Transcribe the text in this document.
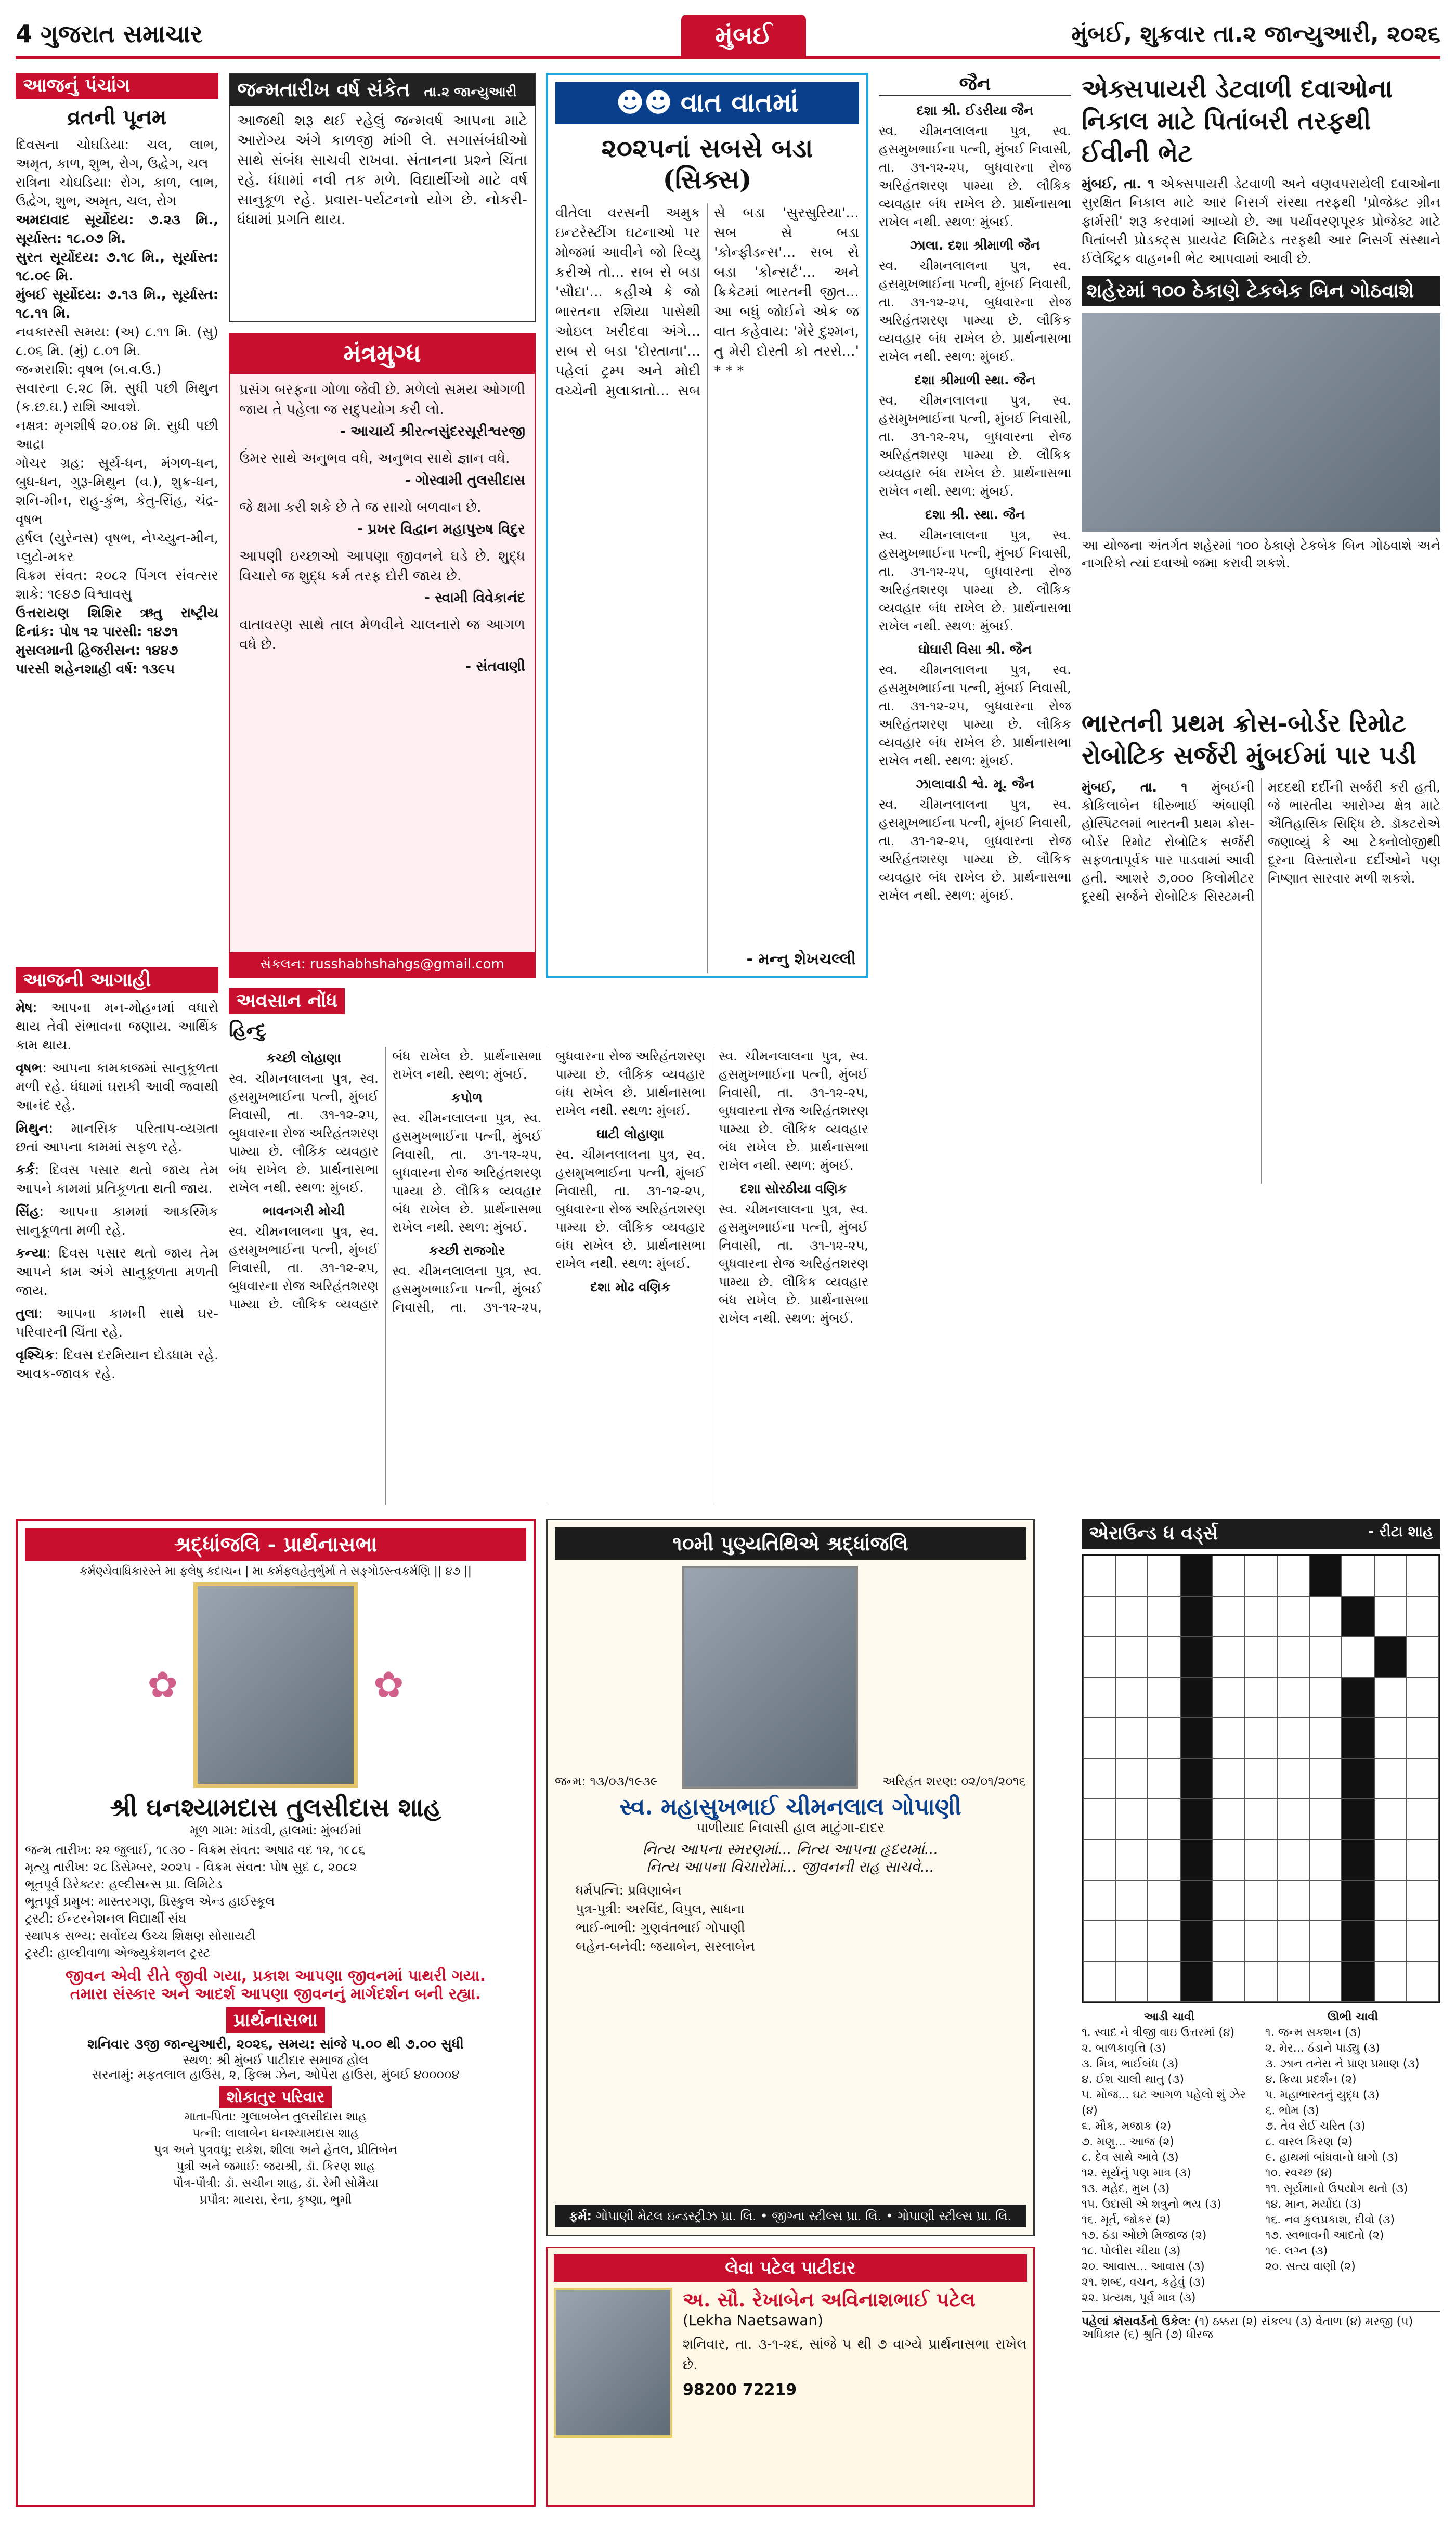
4 ગુજરાત સમાચાર	મુંબઈ	મુંબઈ, શુક્રવાર તા.૨ જાન્યુઆરી, ૨૦૨૬
આજનું પંચાંગ
વ્રતની પૂનમ
દિવસના ચોઘડિયા: ચલ, લાભ, અમૃત, કાળ, શુભ, રોગ, ઉદ્વેગ, ચલ
રાત્રિના ચોઘડિયા: રોગ, કાળ, લાભ, ઉદ્વેગ, શુભ, અમૃત, ચલ, રોગ
અમદાવાદ સૂર્યોદય: ૭.૨૩ મિ., સૂર્યાસ્ત: ૧૮.૦૭ મિ.
સુરત સૂર્યોદય: ૭.૧૮ મિ., સૂર્યાસ્ત: ૧૮.૦૯ મિ.
મુંબઈ સૂર્યોદય: ૭.૧૩ મિ., સૂર્યાસ્ત: ૧૮.૧૧ મિ.
નવકારસી સમય: (અ) ૮.૧૧ મિ. (સુ) ૮.૦૬ મિ. (મું) ૮.૦૧ મિ.
જન્મરાશિ: વૃષભ (બ.વ.ઉ.)
સવારના ૯.૨૮ મિ. સુધી પછી મિથુન (ક.છ.ઘ.) રાશિ આવશે.
નક્ષત્ર: મૃગશીર્ષ ૨૦.૦૪ મિ. સુધી પછી આદ્રા
ગોચર ગ્રહ: સૂર્ય-ધન, મંગળ-ધન, બુધ-ધન, ગુરૂ-મિથુન (વ.), શુક્ર-ધન, શનિ-મીન, રાહુ-કુંભ, કેતુ-સિંહ, ચંદ્ર-વૃષભ
હર્ષલ (યુરેનસ) વૃષભ, નેપ્ચ્યુન-મીન, પ્લુટો-મકર
વિક્રમ સંવત: ૨૦૮૨ પિંગલ સંવત્સર શાકે: ૧૯૪૭ વિશ્વાવસુ
ઉત્તરાયણ શિશિર ઋતુ રાષ્ટ્રીય દિનાંક: પોષ ૧૨ પારસી: ૧૪૭૧
મુસલમાની હિજરીસન: ૧૪૪૭
પારસી શહેનશાહી વર્ષ: ૧૩૯૫
આજની આગાહી

મેષ: આપના મન-મોહનમાં વધારો થાય તેવી સંભાવના જણાય. આર્થિક કામ થાય.

વૃષભ: આપના કામકાજમાં સાનુકૂળતા મળી રહે. ધંધામાં ઘરાકી આવી જવાથી આનંદ રહે.

મિથુન: માનસિક પરિતાપ-વ્યગ્રતા છતાં આપના કામમાં સફળ રહે.

કર્ક: દિવસ પસાર થતો જાય તેમ આપને કામમાં પ્રતિકૂળતા થતી જાય.

સિંહ: આપના કામમાં આકસ્મિક સાનુકૂળતા મળી રહે.

કન્યા: દિવસ પસાર થતો જાય તેમ આપને કામ અંગે સાનુકૂળતા મળતી જાય.

તુલા: આપના કામની સાથે ઘર-પરિવારની ચિંતા રહે.

વૃશ્ચિક: દિવસ દરમિયાન દોડધામ રહે. આવક-જાવક રહે.

જન્મતારીખ વર્ષ સંકેત તા.૨ જાન્યુઆરી
આજથી શરૂ થઈ રહેલું જન્મવર્ષ આપના માટે આરોગ્ય અંગે કાળજી માંગી લે. સગાસંબંધીઓ સાથે સંબંધ સાચવી રાખવા. સંતાનના પ્રશ્ને ચિંતા રહે. ધંધામાં નવી તક મળે. વિદ્યાર્થીઓ માટે વર્ષ સાનુકૂળ રહે. પ્રવાસ-પર્યટનનો યોગ છે. નોકરી-ધંધામાં પ્રગતિ થાય.
મંત્રમુગ્ધ

પ્રસંગ બરફના ગોળા જેવી છે. મળેલો સમય ઓગળી જાય તે પહેલા જ સદુપયોગ કરી લો.

- આચાર્ય શ્રીરત્નસુંદરસૂરીશ્વરજી

ઉંમર સાથે અનુભવ વધે, અનુભવ સાથે જ્ઞાન વધે.

- ગોસ્વામી તુલસીદાસ

જે ક્ષમા કરી શકે છે તે જ સાચો બળવાન છે.

- પ્રખર વિદ્વાન મહાપુરુષ વિદુર

આપણી ઇચ્છાઓ આપણા જીવનને ઘડે છે. શુદ્ધ વિચારો જ શુદ્ધ કર્મ તરફ દોરી જાય છે.

- સ્વામી વિવેકાનંદ

વાતાવરણ સાથે તાલ મેળવીને ચાલનારો જ આગળ વધે છે.

- સંતવાણી

સંકલન: russhabhshahgs@gmail.com
☻☻ વાત વાતમાં
૨૦૨૫નાં સબસે બડા (સિક્સ)
વીતેલા વરસની અમુક ઇન્ટરેસ્ટીંગ ઘટનાઓ પર મોજમાં આવીને જો રિવ્યુ કરીએ તો... સબ સે બડા 'સૌદા'... કહીએ કે જો ભારતના રશિયા પાસેથી ઓઇલ ખરીદવા અંગે... સબ સે બડા 'દોસ્તાના'... પહેલાં ટ્રમ્પ અને મોદી વચ્ચેની મુલાકાતો... સબ સે બડા 'સુરસુરિયા'... સબ સે બડા 'કોન્ફીડન્સ'... સબ સે બડા 'કોન્સર્ટ'... અને ક્રિકેટમાં ભારતની જીત... આ બધું જોઈને એક જ વાત કહેવાય: 'મેરે દુશ્મન, તુ મેરી દોસ્તી કો તરસે...' * * *
- મન્નુ શેખચલ્લી
અવસાન નોંધ
હિન્દુ

કચ્છી લોહાણા

સ્વ. ચીમનલાલના પુત્ર, સ્વ. હસમુખભાઈના પત્ની, મુંબઈ નિવાસી, તા. ૩૧-૧૨-૨૫, બુધવારના રોજ અરિહંતશરણ પામ્યા છે. લૌકિક વ્યવહાર બંધ રાખેલ છે. પ્રાર્થનાસભા રાખેલ નથી. સ્થળ: મુંબઈ.

ભાવનગરી મોચી

સ્વ. ચીમનલાલના પુત્ર, સ્વ. હસમુખભાઈના પત્ની, મુંબઈ નિવાસી, તા. ૩૧-૧૨-૨૫, બુધવારના રોજ અરિહંતશરણ પામ્યા છે. લૌકિક વ્યવહાર બંધ રાખેલ છે. પ્રાર્થનાસભા રાખેલ નથી. સ્થળ: મુંબઈ.

કપોળ

સ્વ. ચીમનલાલના પુત્ર, સ્વ. હસમુખભાઈના પત્ની, મુંબઈ નિવાસી, તા. ૩૧-૧૨-૨૫, બુધવારના રોજ અરિહંતશરણ પામ્યા છે. લૌકિક વ્યવહાર બંધ રાખેલ છે. પ્રાર્થનાસભા રાખેલ નથી. સ્થળ: મુંબઈ.

કચ્છી રાજગોર

સ્વ. ચીમનલાલના પુત્ર, સ્વ. હસમુખભાઈના પત્ની, મુંબઈ નિવાસી, તા. ૩૧-૧૨-૨૫, બુધવારના રોજ અરિહંતશરણ પામ્યા છે. લૌકિક વ્યવહાર બંધ રાખેલ છે. પ્રાર્થનાસભા રાખેલ નથી. સ્થળ: મુંબઈ.

ઘાટી લોહાણા

સ્વ. ચીમનલાલના પુત્ર, સ્વ. હસમુખભાઈના પત્ની, મુંબઈ નિવાસી, તા. ૩૧-૧૨-૨૫, બુધવારના રોજ અરિહંતશરણ પામ્યા છે. લૌકિક વ્યવહાર બંધ રાખેલ છે. પ્રાર્થનાસભા રાખેલ નથી. સ્થળ: મુંબઈ.

દશા મોઢ વણિક

સ્વ. ચીમનલાલના પુત્ર, સ્વ. હસમુખભાઈના પત્ની, મુંબઈ નિવાસી, તા. ૩૧-૧૨-૨૫, બુધવારના રોજ અરિહંતશરણ પામ્યા છે. લૌકિક વ્યવહાર બંધ રાખેલ છે. પ્રાર્થનાસભા રાખેલ નથી. સ્થળ: મુંબઈ.

દશા સોરઠીયા વણિક

સ્વ. ચીમનલાલના પુત્ર, સ્વ. હસમુખભાઈના પત્ની, મુંબઈ નિવાસી, તા. ૩૧-૧૨-૨૫, બુધવારના રોજ અરિહંતશરણ પામ્યા છે. લૌકિક વ્યવહાર બંધ રાખેલ છે. પ્રાર્થનાસભા રાખેલ નથી. સ્થળ: મુંબઈ.

જૈન

દશા શ્રી. ઈડરીયા જૈન

સ્વ. ચીમનલાલના પુત્ર, સ્વ. હસમુખભાઈના પત્ની, મુંબઈ નિવાસી, તા. ૩૧-૧૨-૨૫, બુધવારના રોજ અરિહંતશરણ પામ્યા છે. લૌકિક વ્યવહાર બંધ રાખેલ છે. પ્રાર્થનાસભા રાખેલ નથી. સ્થળ: મુંબઈ.

ઝાલા. દશા શ્રીમાળી જૈન

સ્વ. ચીમનલાલના પુત્ર, સ્વ. હસમુખભાઈના પત્ની, મુંબઈ નિવાસી, તા. ૩૧-૧૨-૨૫, બુધવારના રોજ અરિહંતશરણ પામ્યા છે. લૌકિક વ્યવહાર બંધ રાખેલ છે. પ્રાર્થનાસભા રાખેલ નથી. સ્થળ: મુંબઈ.

દશા શ્રીમાળી સ્થા. જૈન

સ્વ. ચીમનલાલના પુત્ર, સ્વ. હસમુખભાઈના પત્ની, મુંબઈ નિવાસી, તા. ૩૧-૧૨-૨૫, બુધવારના રોજ અરિહંતશરણ પામ્યા છે. લૌકિક વ્યવહાર બંધ રાખેલ છે. પ્રાર્થનાસભા રાખેલ નથી. સ્થળ: મુંબઈ.

દશા શ્રી. સ્થા. જૈન

સ્વ. ચીમનલાલના પુત્ર, સ્વ. હસમુખભાઈના પત્ની, મુંબઈ નિવાસી, તા. ૩૧-૧૨-૨૫, બુધવારના રોજ અરિહંતશરણ પામ્યા છે. લૌકિક વ્યવહાર બંધ રાખેલ છે. પ્રાર્થનાસભા રાખેલ નથી. સ્થળ: મુંબઈ.

ઘોઘારી વિસા શ્રી. જૈન

સ્વ. ચીમનલાલના પુત્ર, સ્વ. હસમુખભાઈના પત્ની, મુંબઈ નિવાસી, તા. ૩૧-૧૨-૨૫, બુધવારના રોજ અરિહંતશરણ પામ્યા છે. લૌકિક વ્યવહાર બંધ રાખેલ છે. પ્રાર્થનાસભા રાખેલ નથી. સ્થળ: મુંબઈ.

ઝાલાવાડી શ્વે. મૂ. જૈન

સ્વ. ચીમનલાલના પુત્ર, સ્વ. હસમુખભાઈના પત્ની, મુંબઈ નિવાસી, તા. ૩૧-૧૨-૨૫, બુધવારના રોજ અરિહંતશરણ પામ્યા છે. લૌકિક વ્યવહાર બંધ રાખેલ છે. પ્રાર્થનાસભા રાખેલ નથી. સ્થળ: મુંબઈ.

એક્સપાયરી ડેટવાળી દવાઓના નિકાલ માટે પિતાંબરી તરફથી ઈવીની ભેટ
મુંબઈ, તા. ૧ એક્સપાયરી ડેટવાળી અને વણવપરાયેલી દવાઓના સુરક્ષિત નિકાલ માટે આર નિસર્ગ સંસ્થા તરફથી 'પ્રોજેક્ટ ગ્રીન ફાર્મસી' શરૂ કરવામાં આવ્યો છે. આ પર્યાવરણપૂરક પ્રોજેક્ટ માટે પિતાંબરી પ્રોડક્ટ્સ પ્રાયવેટ લિમિટેડ તરફથી આર નિસર્ગ સંસ્થાને ઈલેક્ટ્રિક વાહનની ભેટ આપવામાં આવી છે.
શહેરમાં ૧૦૦ ઠેકાણે ટેકબેક બિન ગોઠવાશે
આ યોજના અંતર્ગત શહેરમાં ૧૦૦ ઠેકાણે ટેકબેક બિન ગોઠવાશે અને નાગરિકો ત્યાં દવાઓ જમા કરાવી શકશે.
ભારતની પ્રથમ ક્રોસ-બોર્ડર રિમોટ રોબોટિક સર્જરી મુંબઈમાં પાર પડી
મુંબઈ, તા. ૧ મુંબઈની કોકિલાબેન ધીરુભાઈ અંબાણી હોસ્પિટલમાં ભારતની પ્રથમ ક્રોસ-બોર્ડર રિમોટ રોબોટિક સર્જરી સફળતાપૂર્વક પાર પાડવામાં આવી હતી. આશરે ૭,૦૦૦ કિલોમીટર દૂરથી સર્જને રોબોટિક સિસ્ટમની મદદથી દર્દીની સર્જરી કરી હતી, જે ભારતીય આરોગ્ય ક્ષેત્ર માટે ઐતિહાસિક સિદ્ધિ છે. ડૉક્ટરોએ જણાવ્યું કે આ ટેક્નોલોજીથી દૂરના વિસ્તારોના દર્દીઓને પણ નિષ્ણાત સારવાર મળી શકશે.
એરાઉન્ડ ધ વર્ડ્સ	- રીટા શાહ
આડી ચાવી
૧. સ્વાદ ને ત્રીજી વાઇ ઉત્તરમાં (૪)
૨. બાળકાવૃત્તિ (૩)
૩. મિત્ર, ભાઈબંધ (૩)
૪. ઈશ ચાલી થાતુ (૩)
૫. મોજ... ઘટ આગળ પહેલો શું ઝેર (૪)
૬. મૌક, મજાક (૨)
૭. મણુ... આજ (૨)
૮. દેવ સાથે આવે (૩)
૧૨. સૂર્યનું પણ માત્ર (૩)
૧૩. મહેદ, મુખ (૩)
૧૫. ઉદાસી એ શત્રુનો ભય (૩)
૧૬. મૂર્ત, જોકર (૨)
૧૭. ઠંડા ઓછો મિજાજ (૨)
૧૮. પોલીસ ચીયા (૩)
૨૦. આવાસ... આવાસ (૩)
૨૧. શબ્દ, વચન, કહેવું (૩)
૨૨. પ્રત્યક્ષ, પૂર્વ માત્ર (૩)
ઊભી ચાવી
૧. જન્મ સકશન (૩)
૨. મેર... ઠંડાને પાડ્યુ (૩)
૩. ઝાન તનેસ ને પ્રાણ પ્રમાણ (૩)
૪. ક્રિયા પ્રદર્શન (૨)
૫. મહાભારતનું યુદ્ધ (૩)
૬. ભોમ (૩)
૭. તેવ રોઈ ચરિત (૩)
૮. વારલ કિરણ (૨)
૯. હાથમાં બાંધવાનો ધાગો (૩)
૧૦. સ્વચ્છ (૪)
૧૧. સૂર્યમાનો ઉપયોગ થતો (૩)
૧૪. માન, મર્યાદા (૩)
૧૬. નવ કુલપ્રકાશ, દીવો (૩)
૧૭. સ્વભાવની આદતો (૨)
૧૯. લગ્ન (૩)
૨૦. સત્ય વાણી (૨)
પહેલાં ક્રૉસવર્ડનો ઉકેલ: (૧) ઠક્કરા (૨) સંકલ્પ (૩) વેતાળ (૪) મરજી (૫) અધિકાર (૬) શ્રુતિ (૭) ધીરજ
શ્રદ્ધાંજલિ - પ્રાર્થનાસભા
કર્મણ્યેવાધિકારસ્તે મા ફલેષુ કદાચન | મા કર્મફલહેતુર્ભુર્મા તે સઙ્ગોઽસ્ત્વકર્મણિ || ૪૭ ||
✿	✿
શ્રી ઘનશ્યામદાસ તુલસીદાસ શાહ
મૂળ ગામ: માંડવી, હાલમાં: મુંબઈમાં
જન્મ તારીખ: ૨૨ જુલાઈ, ૧૯૩૦ - વિક્રમ સંવત: અષાઢ વદ ૧૨, ૧૯૮૬
મૃત્યુ તારીખ: ૨૮ ડિસેમ્બર, ૨૦૨૫ - વિક્રમ સંવત: પોષ સુદ ૮, ૨૦૮૨
ભૂતપૂર્વ ડિરેક્ટર: હલ્દીસન્સ પ્રા. લિમિટેડ
ભૂતપૂર્વ પ્રમુખ: માસ્તરગણ, પ્રિસ્કુલ એન્ડ હાઈસ્કૂલ
ટ્રસ્ટી: ઈન્ટરનેશનલ વિદ્યાર્થી સંઘ
સ્થાપક સભ્ય: સર્વોદય ઉચ્ચ શિક્ષણ સોસાયટી
ટ્રસ્ટી: હાલ્દીવાળા એજ્યુકેશનલ ટ્રસ્ટ
જીવન એવી રીતે જીવી ગયા, પ્રકાશ આપણા જીવનમાં પાથરી ગયા.
તમારા સંસ્કાર અને આદર્શ આપણા જીવનનું માર્ગદર્શન બની રહ્યા.
પ્રાર્થનાસભા
શનિવાર ૩જી જાન્યુઆરી, ૨૦૨૬, સમય: સાંજે ૫.૦૦ થી ૭.૦૦ સુધી
સ્થળ: શ્રી મુંબઈ પાટીદાર સમાજ હોલ
સરનામું: મફતલાલ હાઉસ, ૨, ફિલ્મ ઝેન, ઓપેરા હાઉસ, મુંબઈ ૪૦૦૦૦૪
શોકાતુર પરિવાર
માતા-પિતા: ગુલાબબેન તુલસીદાસ શાહ
પત્ની: લાલાબેન ઘનશ્યામદાસ શાહ
પુત્ર અને પુત્રવધૂ: રાકેશ, શીલા અને હેતલ, પ્રીતિબેન
પુત્રી અને જમાઈ: જયશ્રી, ડૉ. કિરણ શાહ
પૌત્ર-પૌત્રી: ડૉ. સચીન શાહ, ડૉ. રેમી સોમૈયા
પ્રપૌત્ર: માયરા, રેના, કૃષ્ણા, ભુમી
૧૦મી પુણ્યતિથિએ શ્રદ્ધાંજલિ
જન્મ: ૧૩/૦૩/૧૯૩૯	અરિહંત શરણ: ૦૨/૦૧/૨૦૧૬
સ્વ. મહાસુખભાઈ ચીમનલાલ ગોપાણી
પાળીયાદ નિવાસી હાલ માટુંગા-દાદર
નિત્ય આપના સ્મરણમાં... નિત્ય આપના હૃદયમાં...
નિત્ય આપના વિચારોમાં... જીવનની રાહ સાચવે...
ધર્મપત્નિ: પ્રવિણાબેન
પુત્ર-પુત્રી: અરવિંદ, વિપુલ, સાધના
ભાઈ-ભાભી: ગુણવંતભાઈ ગોપાણી
બહેન-બનેવી: જયાબેન, સરલાબેન
ફર્મ: ગોપાણી મેટલ ઇન્ડસ્ટ્રીઝ પ્રા. લિ. • જીગ્ના સ્ટીલ્સ પ્રા. લિ. • ગોપાણી સ્ટીલ્સ પ્રા. લિ.
લેવા પટેલ પાટીદાર
અ. સૌ. રેખાબેન અવિનાશભાઈ પટેલ
(Lekha Naetsawan)
શનિવાર, તા. ૩-૧-૨૬, સાંજે ૫ થી ૭ વાગ્યે પ્રાર્થનાસભા રાખેલ છે.
98200 72219
